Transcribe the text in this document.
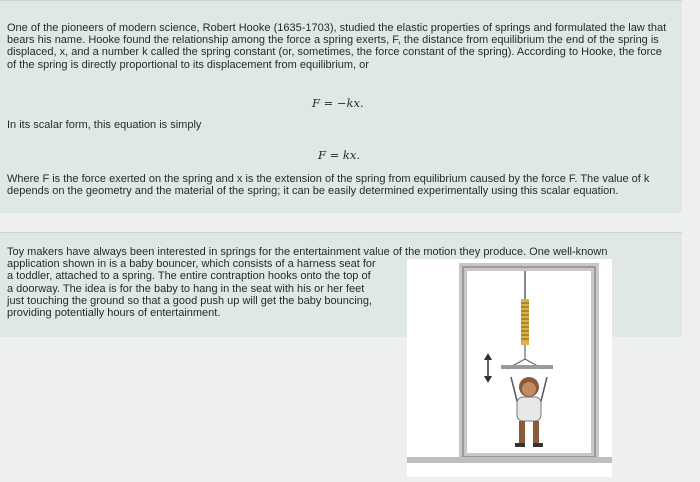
One of the pioneers of modern science, Robert Hooke (1635-1703), studied the elastic properties of springs and formulated the law that bears his name. Hooke found the relationship among the force a spring exerts, F, the distance from equilibrium the end of the spring is displaced, x, and a number k called the spring constant (or, sometimes, the force constant of the spring). According to Hooke, the force of the spring is directly proportional to its displacement from equilibrium, or

F = −kx.

In its scalar form, this equation is simply

F = kx.

Where F is the force exerted on the spring and x is the extension of the spring from equilibrium caused by the force F. The value of k depends on the geometry and the material of the spring; it can be easily determined experimentally using this scalar equation.

Toy makers have always been interested in springs for the entertainment value of the motion they produce. One well-known
application shown in is a baby bouncer, which consists of a harness seat for a toddler, attached to a spring. The entire contraption hooks onto the top of a doorway. The idea is for the baby to hang in the seat with his or her feet just touching the ground so that a good push up will get the baby bouncing, providing potentially hours of entertainment.
